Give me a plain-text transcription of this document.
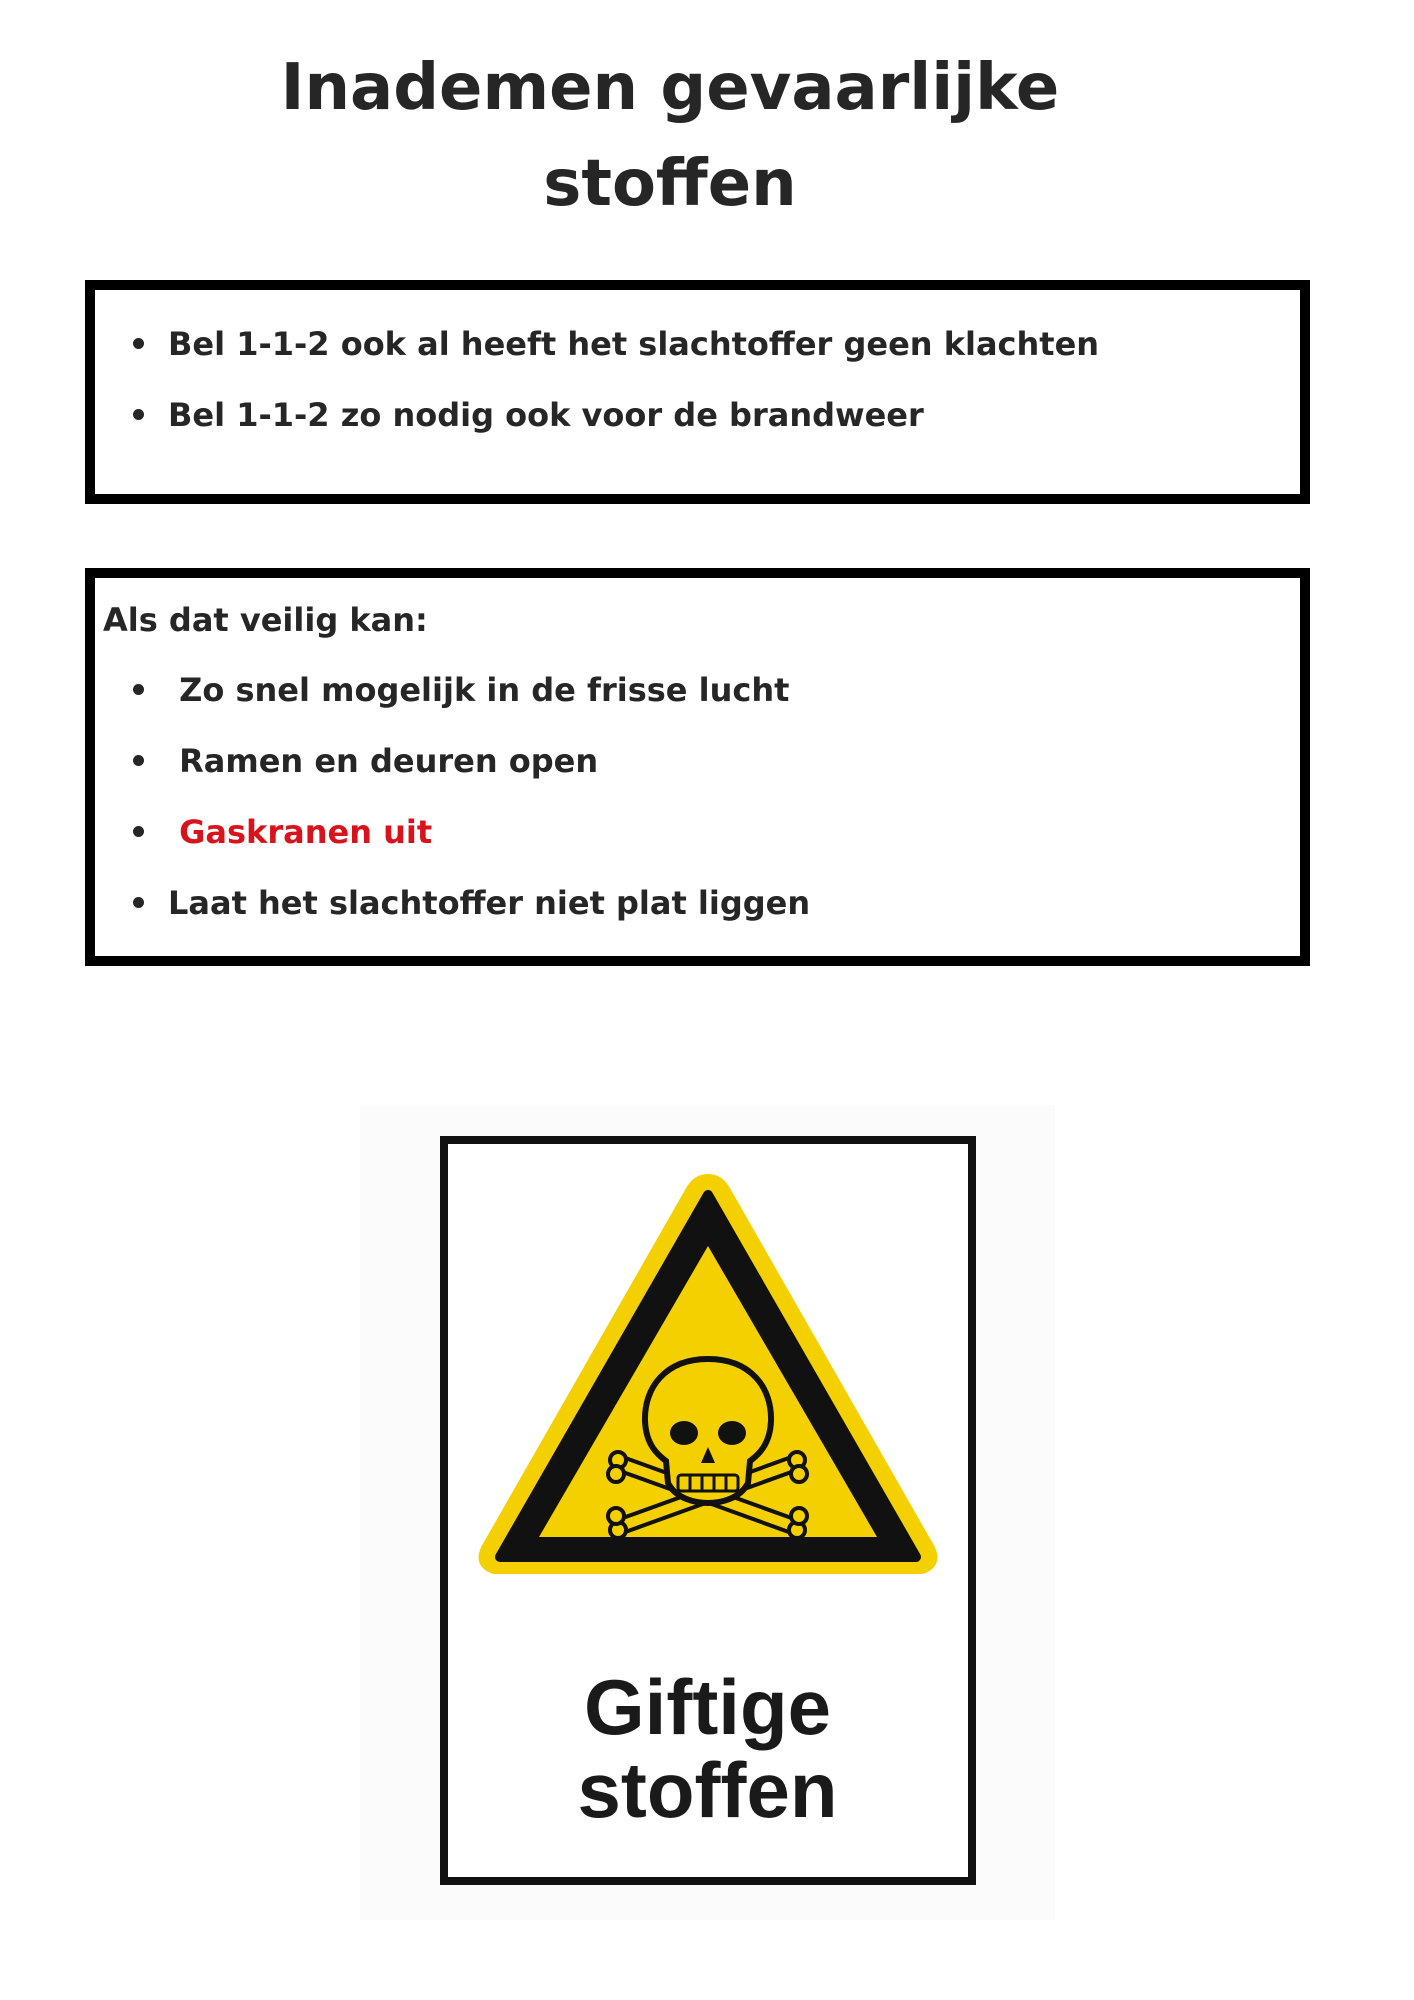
Inademen gevaarlijke
stoffen
Bel 1-1-2 ook al heeft het slachtoffer geen klachten
Bel 1-1-2 zo nodig ook voor de brandweer
Als dat veilig kan:
Zo snel mogelijk in de frisse lucht
Ramen en deuren open
Gaskranen uit
Laat het slachtoffer niet plat liggen
Giftige
stoffen
